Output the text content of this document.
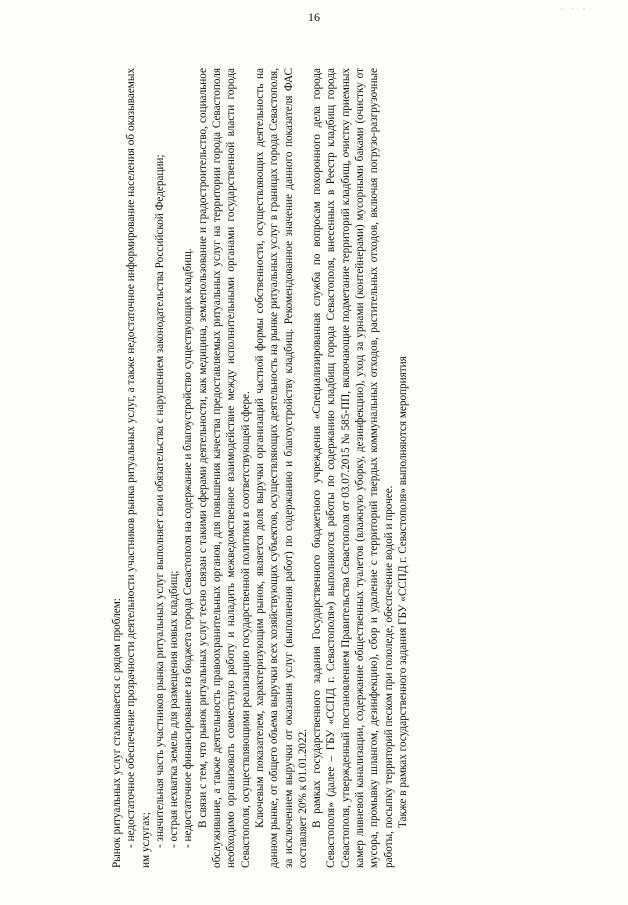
16
· · ·

Рынок ритуальных услуг сталкивается с рядом проблем: - недостаточное обеспечение прозрачности деятельности участников рынка ритуальных услуг, а также недостаточное информирование населения об оказываемых им услугах; - значительная часть участников рынка ритуальных услуг выполняет свои обязательства с нарушением законодательства Российской Федерации; - острая нехватка земель для размещения новых кладбищ; - недостаточное финансирование из бюджета города Севастополя на содержание и благоустройство существующих кладбищ. В связи с тем, что рынок ритуальных услуг тесно связан с такими сферами деятельности, как медицина, землепользование и градостроительство, социальное обслуживание, а также деятельность правоохранительных органов, для повышения качества предоставляемых ритуальных услуг на территории города Севастополя необходимо организовать совместную работу и наладить межведомственное взаимодействие между исполнительными органами государственной власти города Севастополя, осуществляющими реализацию государственной политики в соответствующей сфере. Ключевым показателем, характеризующим рынок, является доля выручки организаций частной формы собственности, осуществляющих деятельность на данном рынке, от общего объема выручки всех хозяйствующих субъектов, осуществляющих деятельность на рынке ритуальных услуг в границах города Севастополя, за исключением выручки от оказания услуг (выполнения работ) по содержанию и благоустройству кладбищ. Рекомендованное значение данного показателя ФАС составляет 20% к 01.01.2022. В рамках государственного задания Государственного бюджетного учреждения «Специализированная служба по вопросам похоронного дела города Севастополя» (далее – ГБУ «ССПД г. Севастополя») выполняются работы по содержанию кладбищ города Севастополя, внесенных в Реестр кладбищ города Севастополя, утвержденный постановлением Правительства Севастополя от 03.07.2015 № 585-ПП, включающие подметание территорий кладбищ, очистку приемных камер ливневой канализации, содержание общественных туалетов (влажную уборку, дезинфекцию), уход за урнами (контейнерами) мусорными баками (очистку от мусора, промывку шлангом, дезинфекцию), сбор и удаление с территорий твердых коммунальных отходов, растительных отходов, включая погрузо-разгрузочные работы, посыпку территорий песком при гололеде, обеспечение водой и прочее. Также в рамках государственного задания ГБУ «ССПД г. Севастополя» выполняются мероприятия
